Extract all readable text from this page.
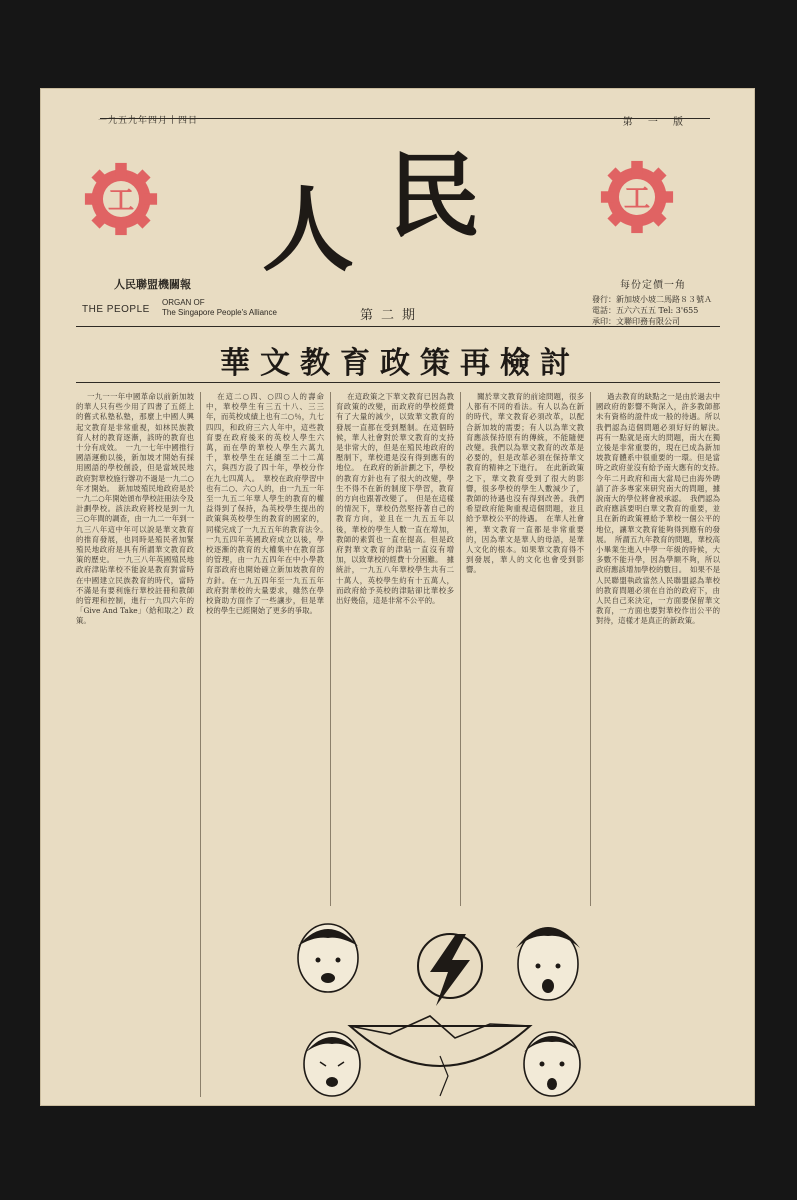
一九五九年四月十四日	第 一 版
工	工
人 民
人民聯盟機關報
THE PEOPLE
ORGAN OF
The Singapore People's Alliance	第二期
每份定價一角
發行：新加坡小坡二馬路８３號Ａ
電話：五六六五五 Tel: 3'655
承印：文聯印務有限公司
華文教育政策再檢討

一九一一年中國革命以前新加坡的華人只有些少用了四書了五經上的舊式私塾私塾，那麼上中國人興起文教育是非常重視，如林民族教育人材的教育逐漸，該時的教育也十分有成效。　一九一七年中國推行國語運動以後，新加坡才開始有採用國語的學校創設，但是當域民地政府對華校施行辦功不過是一九二○年才開始。　新加坡殖民地政府是於一九二○年開始頒布學校註冊法令及計劃學校。該法政府將校是到一九三○年間的調查，由一九二一年到一九三八年這中年可以說是華文教育的推育發展，也同時是殖民者加緊殖民地政府是具有所謂華文教育政策的歷史。　一九三八年英國殖民地政府津貼華校不能說是教育對當時在中國建立民族教育的時代，當時不滿是有要利施行華校註冊和教師的管理和控制，進行一九四六年的「Give And Take」（給和取之）政策。

在這二○四、○四○人的壽命中，華校學生有三五十八、三三年，而英校成績上也有二○％，九七四四，和政府三六人年中，這些教育要在政府後來的英校人學生六萬，而在學的華校人學生六萬九千，華校學生在延續至二十二萬六，與西方設了四十年，學校分作在九七四萬人。　華校在政府學習中也有二○、六○人的，由一九五一年至一九五二年華人學生的教育的權益得到了保持，為英校學生提出的政策與英校學生的教育的國家的，同樣完成了一九五五年的教育法令。　一九五四年英國政府成立以後，學校逐漸的教育的大權集中在教育部的管理，由一九五四年在中小學教育部政府也開始確立新加坡教育的方針。在一九五四年至一九五五年政府對華校的大量要求，雖然在學校資助方面作了一些讓步，但是華校的學生已經開始了更多的爭取。

在這政策之下華文教育已因為教育政策的改變，而政府的學校經費有了大量的減少，以致華文教育的發展一直都在受到壓制。在這個時候，華人社會對於華文教育的支持是非常大的，但是在殖民地政府的壓制下，華校還是沒有得到應有的地位。　在政府的新計劃之下，學校的教育方針也有了很大的改變，學生不得不在新的制度下學習，教育的方向也跟著改變了。　但是在這樣的情況下，華校仍然堅持著自己的教育方向，並且在一九五五年以後，華校的學生人數一直在增加，教師的素質也一直在提高。但是政府對華文教育的津貼一直沒有增加，以致華校的經費十分困難。　據統計，一九五八年華校學生共有二十萬人，英校學生約有十五萬人，而政府給予英校的津貼卻比華校多出好幾倍，這是非常不公平的。

關於華文教育的前途問題，很多人都有不同的看法。有人以為在新的時代，華文教育必須改革，以配合新加坡的需要；有人以為華文教育應該保持原有的傳統，不能隨便改變。我們以為華文教育的改革是必要的，但是改革必須在保持華文教育的精神之下進行。　在此新政策之下，華文教育受到了很大的影響，很多學校的學生人數減少了，教師的待遇也沒有得到改善。我們希望政府能夠重視這個問題，並且給予華校公平的待遇。　在華人社會裡，華文教育一直都是非常重要的，因為華文是華人的母語，是華人文化的根本。如果華文教育得不到發展，華人的文化也會受到影響。

過去教育的缺點之一是由於過去中國政府的影響不夠深入，許多教師都未有資格的證件成一般的待遇。所以我們認為這個問題必須好好的解決。　再有一點就是南大的問題，南大在獨立後是非常重要的，現在已成為新加坡教育體系中很重要的一環。但是當時之政府並沒有給予南大應有的支持。　今年二月政府和南大當局已由海外聘請了許多專家來研究南大的問題，據說南大的學位將會被承認。　我們認為政府應該要明白華文教育的重要，並且在新的政策裡給予華校一個公平的地位，讓華文教育能夠得到應有的發展。　所謂五九年教育的問題，華校高小畢業生進入中學一年級的時候，大多數不能升學，因為學額不夠，所以政府應該增加學校的數目。　如果不是人民聯盟執政當然人民聯盟認為華校的教育問題必須在自治的政府下，由人民自己來決定，一方面要保留華文教育，一方面也要對華校作出公平的對待，這樣才是真正的新政策。
